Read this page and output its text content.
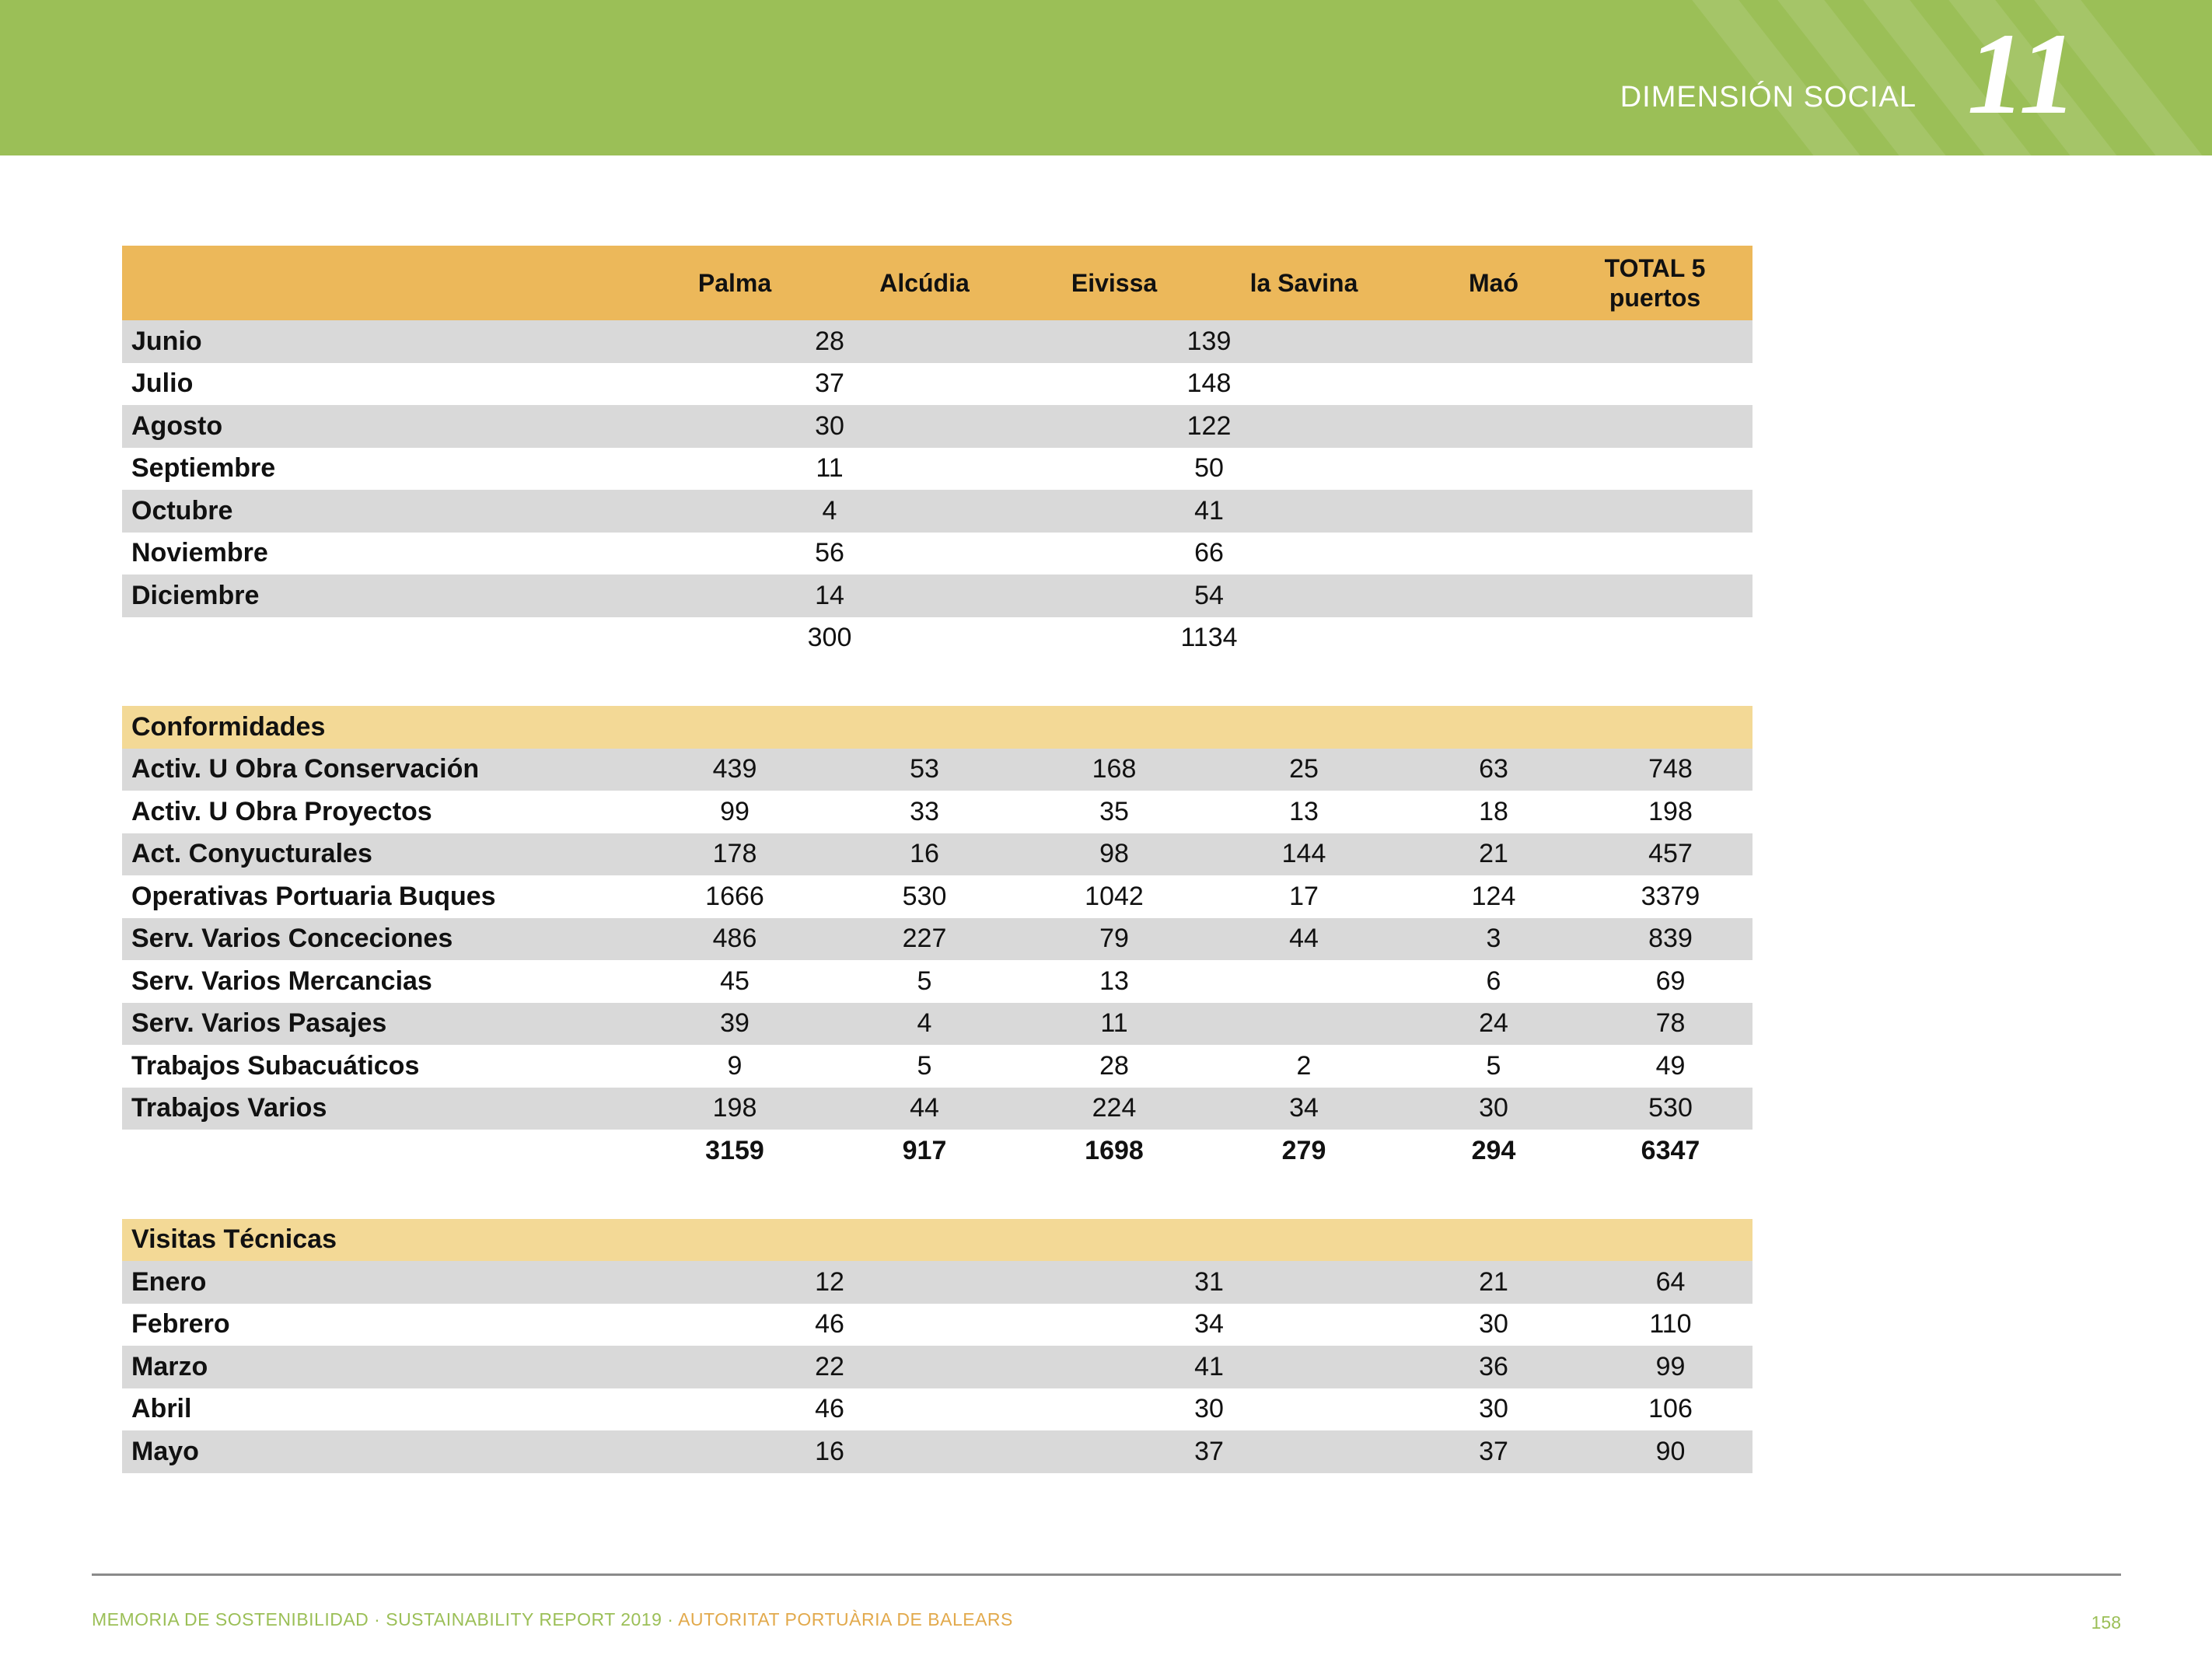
DIMENSIÓN SOCIAL 11
	Palma	Alcúdia	Eivissa	la Savina	Maó	TOTAL 5 puertos
Junio	28		139			
Julio	37		148			
Agosto	30		122			
Septiembre	11		50			
Octubre	4		41			
Noviembre	56		66			
Diciembre	14		54			
	300		1134			

Conformidades						
Activ. U Obra Conservación	439	53	168	25	63	748
Activ. U Obra Proyectos	99	33	35	13	18	198
Act. Conyucturales	178	16	98	144	21	457
Operativas Portuaria Buques	1666	530	1042	17	124	3379
Serv. Varios Conceciones	486	227	79	44	3	839
Serv. Varios Mercancias	45	5	13		6	69
Serv. Varios Pasajes	39	4	11		24	78
Trabajos Subacuáticos	9	5	28	2	5	49
Trabajos Varios	198	44	224	34	30	530
	3159	917	1698	279	294	6347

Visitas Técnicas						
Enero	12		31		21	64
Febrero	46		34		30	110
Marzo	22		41		36	99
Abril	46		30		30	106
Mayo	16		37		37	90
MEMORIA DE SOSTENIBILIDAD · SUSTAINABILITY REPORT 2019 · AUTORITAT PORTUÀRIA DE BALEARS	158
